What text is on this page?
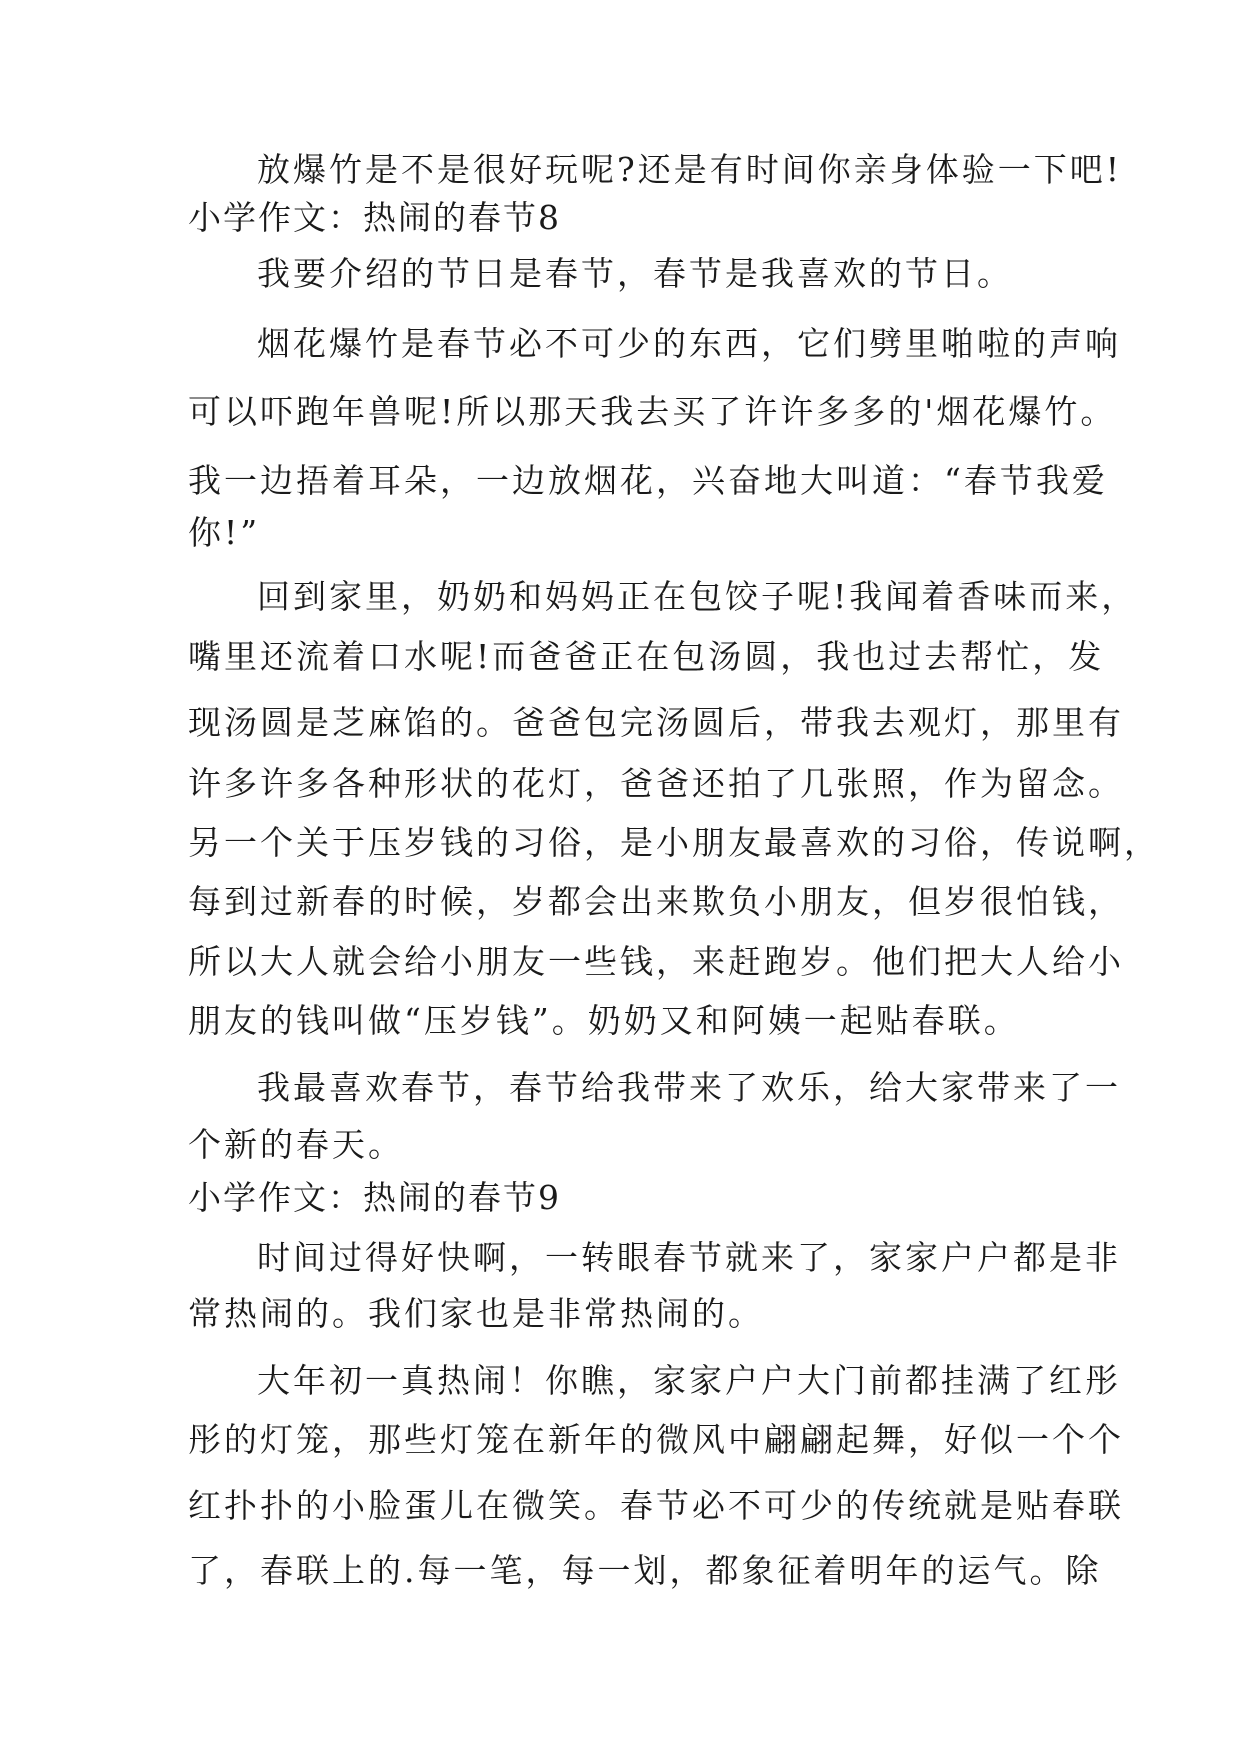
放爆竹是不是很好玩呢?还是有时间你亲身体验一下吧!
小学作文：热闹的春节8
我要介绍的节日是春节，春节是我喜欢的节日。
烟花爆竹是春节必不可少的东西，它们劈里啪啦的声响
可以吓跑年兽呢!所以那天我去买了许许多多的'烟花爆竹。
我一边捂着耳朵，一边放烟花，兴奋地大叫道：“春节我爱
你!”
回到家里，奶奶和妈妈正在包饺子呢!我闻着香味而来，
嘴里还流着口水呢!而爸爸正在包汤圆，我也过去帮忙，发
现汤圆是芝麻馅的。爸爸包完汤圆后，带我去观灯，那里有
许多许多各种形状的花灯，爸爸还拍了几张照，作为留念。
另一个关于压岁钱的习俗，是小朋友最喜欢的习俗，传说啊，
每到过新春的时候，岁都会出来欺负小朋友，但岁很怕钱，
所以大人就会给小朋友一些钱，来赶跑岁。他们把大人给小
朋友的钱叫做“压岁钱”。奶奶又和阿姨一起贴春联。
我最喜欢春节，春节给我带来了欢乐，给大家带来了一
个新的春天。
小学作文：热闹的春节9
时间过得好快啊，一转眼春节就来了，家家户户都是非
常热闹的。我们家也是非常热闹的。
大年初一真热闹！你瞧，家家户户大门前都挂满了红彤
彤的灯笼，那些灯笼在新年的微风中翩翩起舞，好似一个个
红扑扑的小脸蛋儿在微笑。春节必不可少的传统就是贴春联
了，春联上的.每一笔，每一划，都象征着明年的运气。除
